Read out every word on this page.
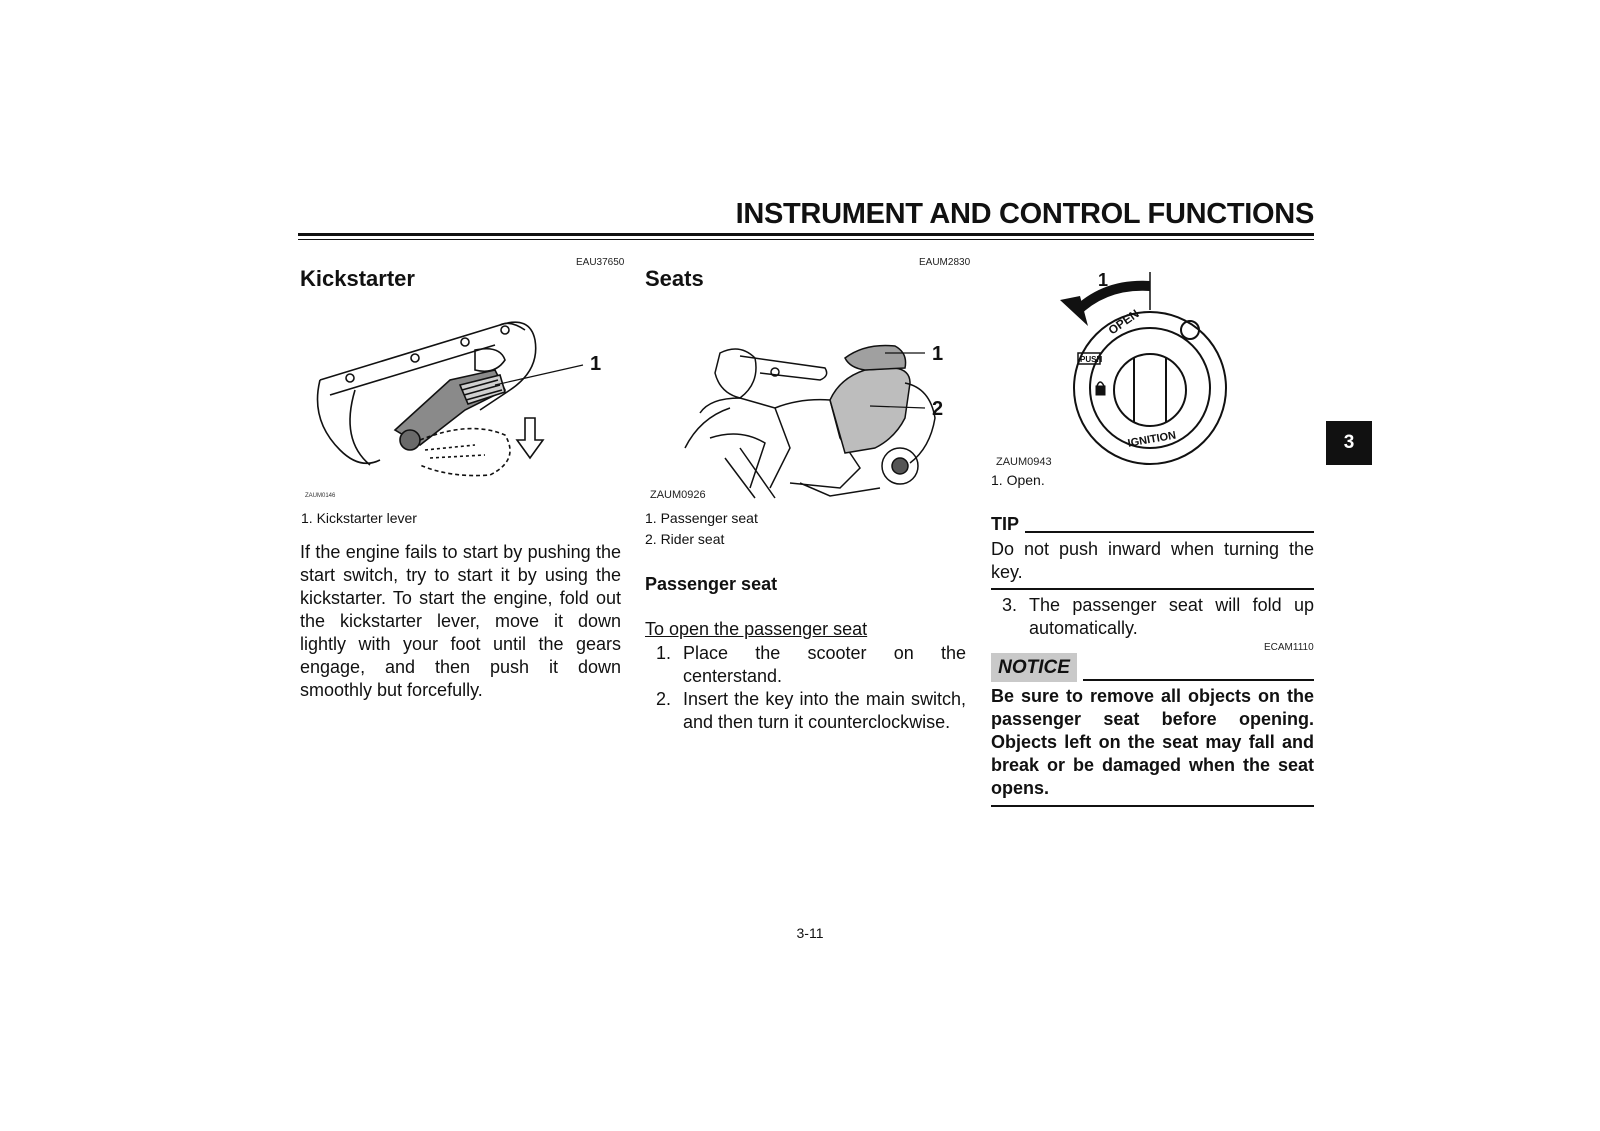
INSTRUMENT AND CONTROL FUNCTIONS
EAU37650
Kickstarter
1
ZAUM0146
1. Kickstarter lever
If the engine fails to start by pushing the start switch, try to start it by using the kickstarter. To start the engine, fold out the kickstarter lever, move it down lightly with your foot until the gears engage, and then push it down smoothly but forcefully.
EAUM2830
Seats
1
2
ZAUM0926
1. Passenger seat
2. Rider seat
Passenger seat
To open the passenger seat
1. Place the scooter on the centerstand.
2. Insert the key into the main switch, and then turn it counterclockwise.
OPEN
PUSH
IGNITION
1
ZAUM0943
1. Open.
3
TIP
Do not push inward when turning the key.
3. The passenger seat will fold up automatically.
ECAM1110
NOTICE
Be sure to remove all objects on the passenger seat before opening. Objects left on the seat may fall and break or be damaged when the seat opens.
3-11
